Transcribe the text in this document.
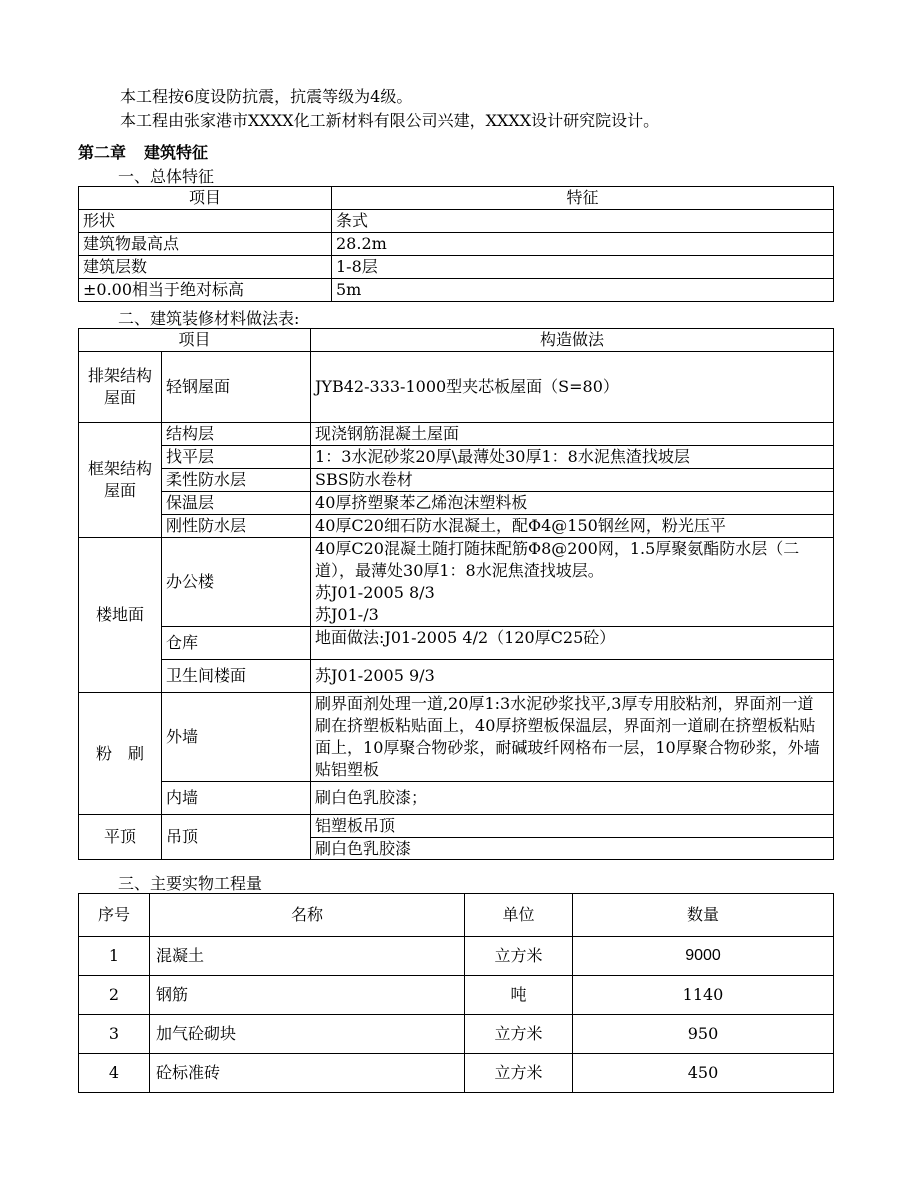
本工程按6度设防抗震，抗震等级为4级。
本工程由张家港市XXXX化工新材料有限公司兴建，XXXX设计研究院设计。
第二章 建筑特征
一、总体特征
项目	特征
形状	条式
建筑物最高点	28.2m
建筑层数	1-8层
±0.00相当于绝对标高	5m
二、建筑装修材料做法表:
项目		构造做法
排架结构屋面	轻钢屋面	JYB42-333-1000型夹芯板屋面（S=80）
框架结构屋面	结构层	现浇钢筋混凝土屋面
	找平层	1：3水泥砂浆20厚\最薄处30厚1：8水泥焦渣找坡层
	柔性防水层	SBS防水卷材
	保温层	40厚挤塑聚苯乙烯泡沫塑料板
	刚性防水层	40厚C20细石防水混凝土，配Φ4@150钢丝网，粉光压平
楼地面	办公楼	40厚C20混凝土随打随抹配筋Φ8@200网，1.5厚聚氨酯防水层（二道），最薄处30厚1：8水泥焦渣找坡层。
苏J01-2005 8/3
苏J01-/3

	仓库	地面做法:J01-2005 4/2（120厚C25砼）
	卫生间楼面	苏J01-2005 9/3
粉　刷	外墙	刷界面剂处理一道,20厚1:3水泥砂浆找平,3厚专用胶粘剂，界面剂一道刷在挤塑板粘贴面上，40厚挤塑板保温层，界面剂一道刷在挤塑板粘贴面上，10厚聚合物砂浆，耐碱玻纤网格布一层，10厚聚合物砂浆，外墙贴铝塑板
	内墙	刷白色乳胶漆；
平顶	吊顶	铝塑板吊顶
刷白色乳胶漆
三、主要实物工程量
序号	名称	单位	数量
1	混凝土	立方米	9000
2	钢筋	吨	1140
3	加气砼砌块	立方米	950
4	砼标准砖	立方米	450
